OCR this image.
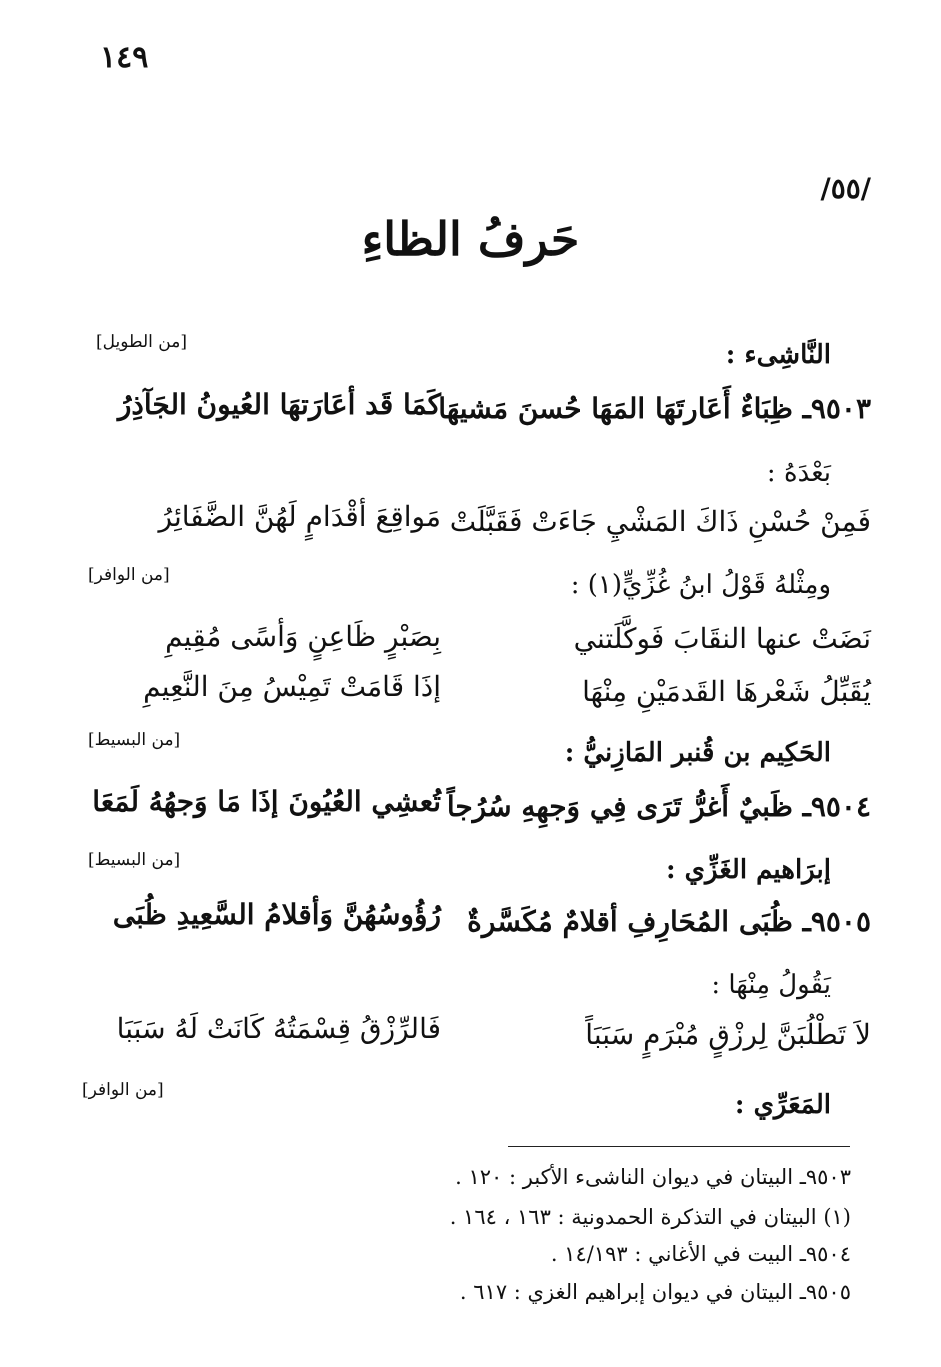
١٤٩
/٥٥/
حَرفُ الظاءِ
[من الطويل]	النَّاشِىء :
٩٥٠٣ـ ظِبَاءٌ أَعَارتَهَا المَهَا حُسنَ مَشيهَا
كَمَا قَد أعَارَتهَا العُيونُ الجَآذِرُ
بَعْدَهُ :
فَمِنْ حُسْنِ ذَاكَ المَشْيِ جَاءَتْ فَقَبَّلَتْ
مَواقِعَ أقْدَامٍ لَهُنَّ الضَّفَائِرُ
[من الوافر]	ومِثْلهُ قَوْلُ ابنُ غُزِّيٍّ(١) :
نَضَتْ عنها النقَابَ فَوكَّلَتني
بِصَبْرٍ ظَاعِنٍ وَأسًى مُقِيمِ
يُقَبِّلُ شَعْرهَا القَدمَيْنِ مِنْهَا
إذَا قَامَتْ تَمِيْسُ مِنَ النَّعِيمِ
[من البسيط]	الحَكِيم بن قُنبر المَازِنيُّ :
٩٥٠٤ـ ظَبيٌ أَغرُّ تَرَى فِي وَجهِهِ سُرُجاً
تُعشِي العُيُونَ إذَا مَا وَجهُهُ لَمَعَا
[من البسيط]	إبرَاهيم الغَزِّي :
٩٥٠٥ـ ظُبَى المُحَارِفِ أقلامٌ مُكَسَّرةٌ
رُؤُوسُهُنَّ وَأقلامُ السَّعِيدِ ظُبَى
يَقُولُ مِنْهَا :
لاَ تَطْلُبَنَّ لِرزْقٍ مُبْرَمٍ سَبَبَاً
فَالرِّزْقُ قِسْمَتُهُ كَانَتْ لَهُ سَبَبَا
[من الوافر]	المَعَرِّي :
٩٥٠٣ـ البيتان في ديوان الناشىء الأكبر : ١٢٠ .
(١) البيتان في التذكرة الحمدونية : ١٦٣ ، ١٦٤ .
٩٥٠٤ـ البيت في الأغاني : ١٤/١٩٣ .
٩٥٠٥ـ البيتان في ديوان إبراهيم الغزي : ٦١٧ .
